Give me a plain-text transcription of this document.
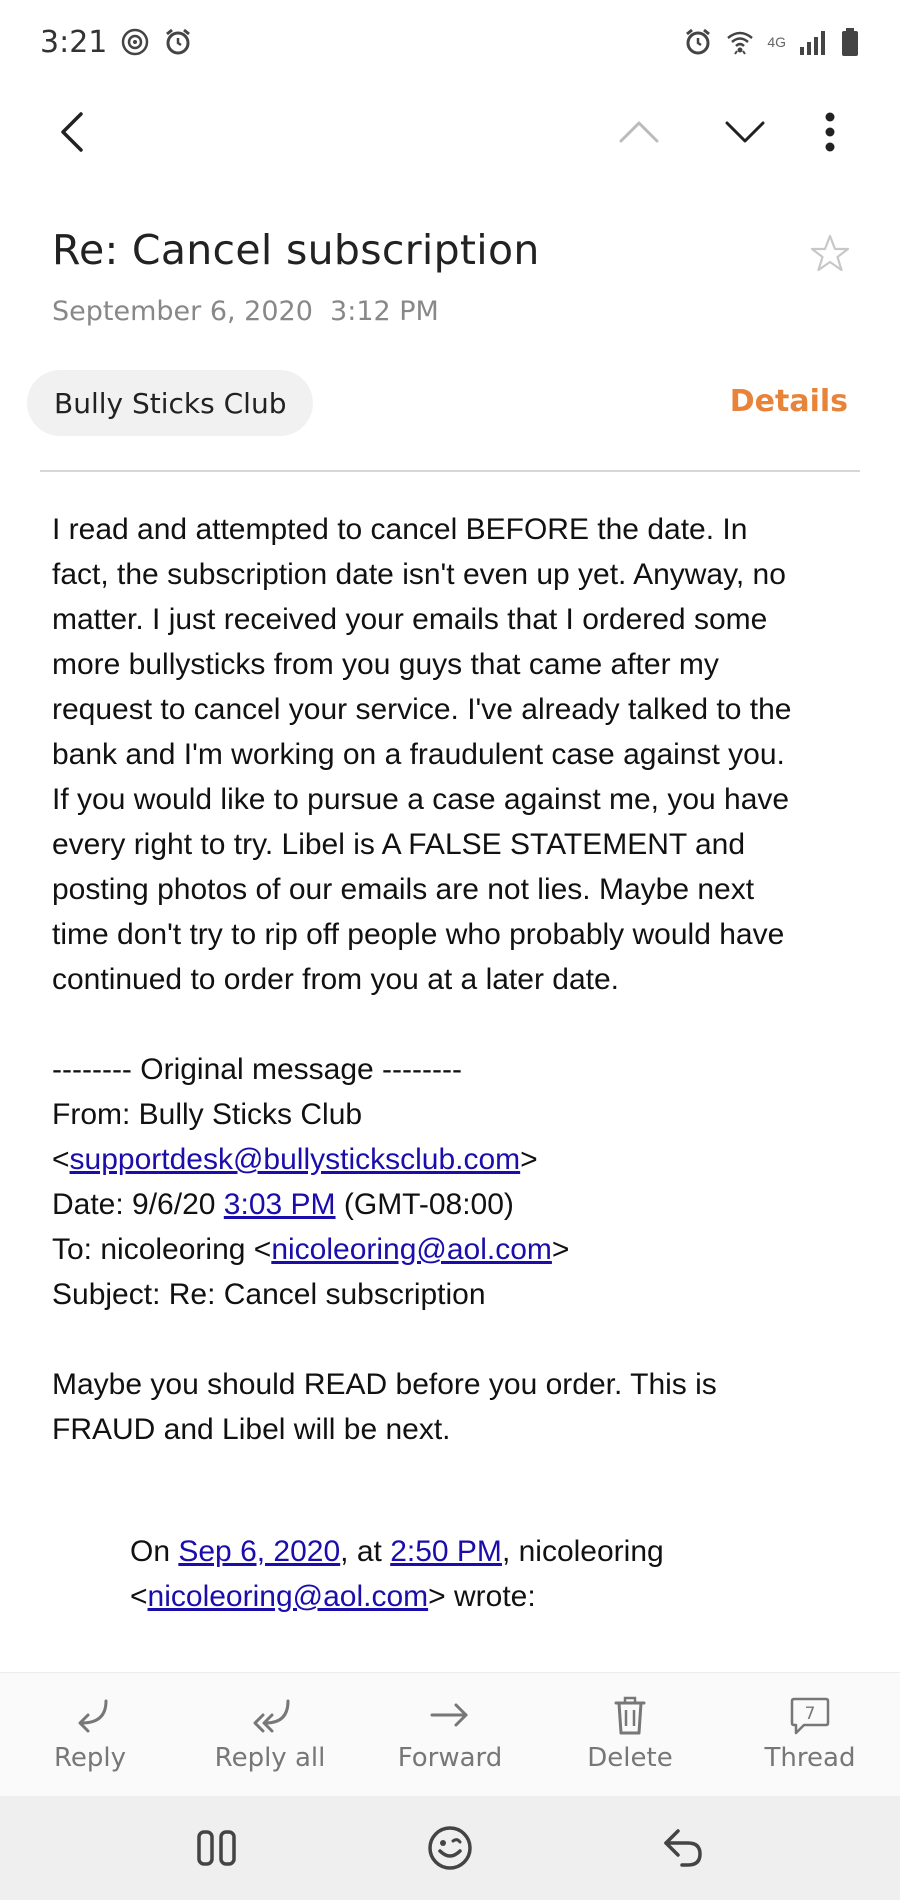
3:21	4G
Re: Cancel subscription
September 6, 2020  3:12 PM
Bully Sticks Club	Details

I read and attempted to cancel BEFORE the date. In

fact, the subscription date isn't even up yet. Anyway, no

matter. I just received your emails that I ordered some

more bullysticks from you guys that came after my

request to cancel your service. I've already talked to the

bank and I'm working on a fraudulent case against you.

If you would like to pursue a case against me, you have

every right to try. Libel is A FALSE STATEMENT and

posting photos of our emails are not lies. Maybe next

time don't try to rip off people who probably would have

continued to order from you at a later date.

-------- Original message --------

From: Bully Sticks Club

<supportdesk@bullysticksclub.com>

Date: 9/6/20 3:03 PM (GMT-08:00)

To: nicoleoring <nicoleoring@aol.com>

Subject: Re: Cancel subscription

Maybe you should READ before you order. This is

FRAUD and Libel will be next.

On Sep 6, 2020, at 2:50 PM, nicoleoring

<nicoleoring@aol.com> wrote:

Reply	Reply all	Forward	Delete
7
Thread
